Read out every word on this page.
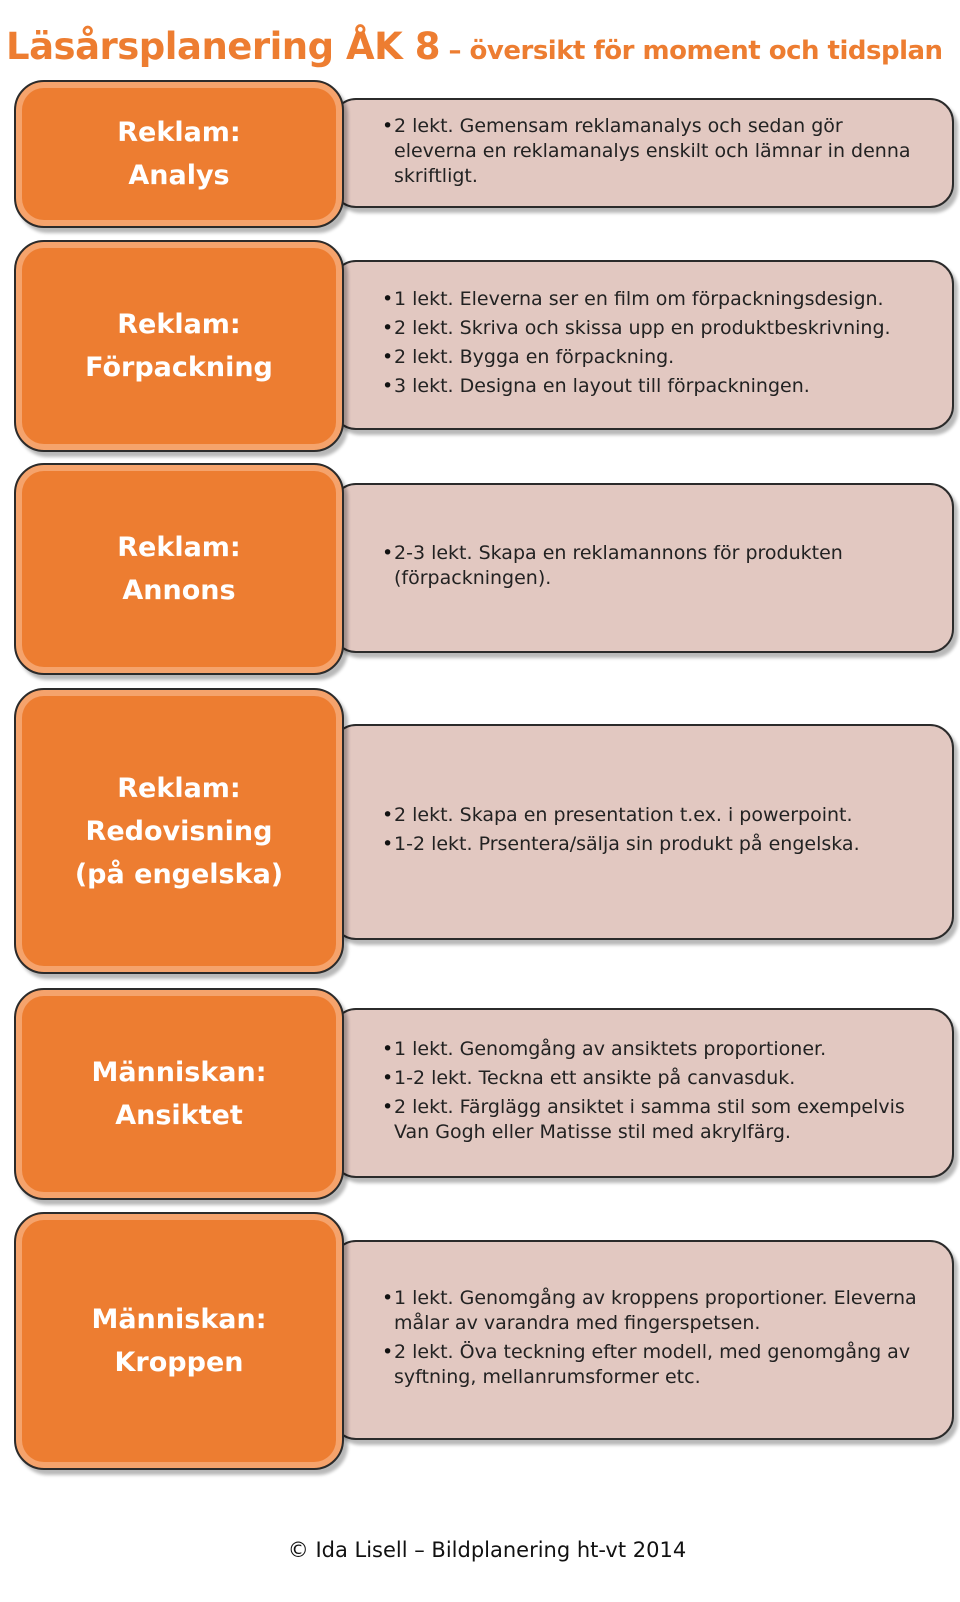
Läsårsplanering ÅK 8 – översikt för moment och tidsplan
Reklam:
Analys
• 2 lekt. Gemensam reklamanalys och sedan gör eleverna en reklamanalys enskilt och lämnar in denna skriftligt.
Reklam:
Förpackning
• 1 lekt. Eleverna ser en film om förpackningsdesign.
• 2 lekt. Skriva och skissa upp en produktbeskrivning.
• 2 lekt. Bygga en förpackning.
• 3 lekt. Designa en layout till förpackningen.
Reklam:
Annons
• 2-3 lekt. Skapa en reklamannons för produkten (förpackningen).
Reklam:
Redovisning
(på engelska)
• 2 lekt. Skapa en presentation t.ex. i powerpoint.
• 1-2 lekt. Prsentera/sälja sin produkt på engelska.
Människan:
Ansiktet
• 1 lekt. Genomgång av ansiktets proportioner.
• 1-2 lekt. Teckna ett ansikte på canvasduk.
• 2 lekt. Färglägg ansiktet i samma stil som exempelvis Van Gogh eller Matisse stil med akrylfärg.
Människan:
Kroppen
• 1 lekt. Genomgång av kroppens proportioner. Eleverna målar av varandra med fingerspetsen.
• 2 lekt. Öva teckning efter modell, med genomgång av syftning, mellanrumsformer etc.
© Ida Lisell – Bildplanering ht-vt 2014
